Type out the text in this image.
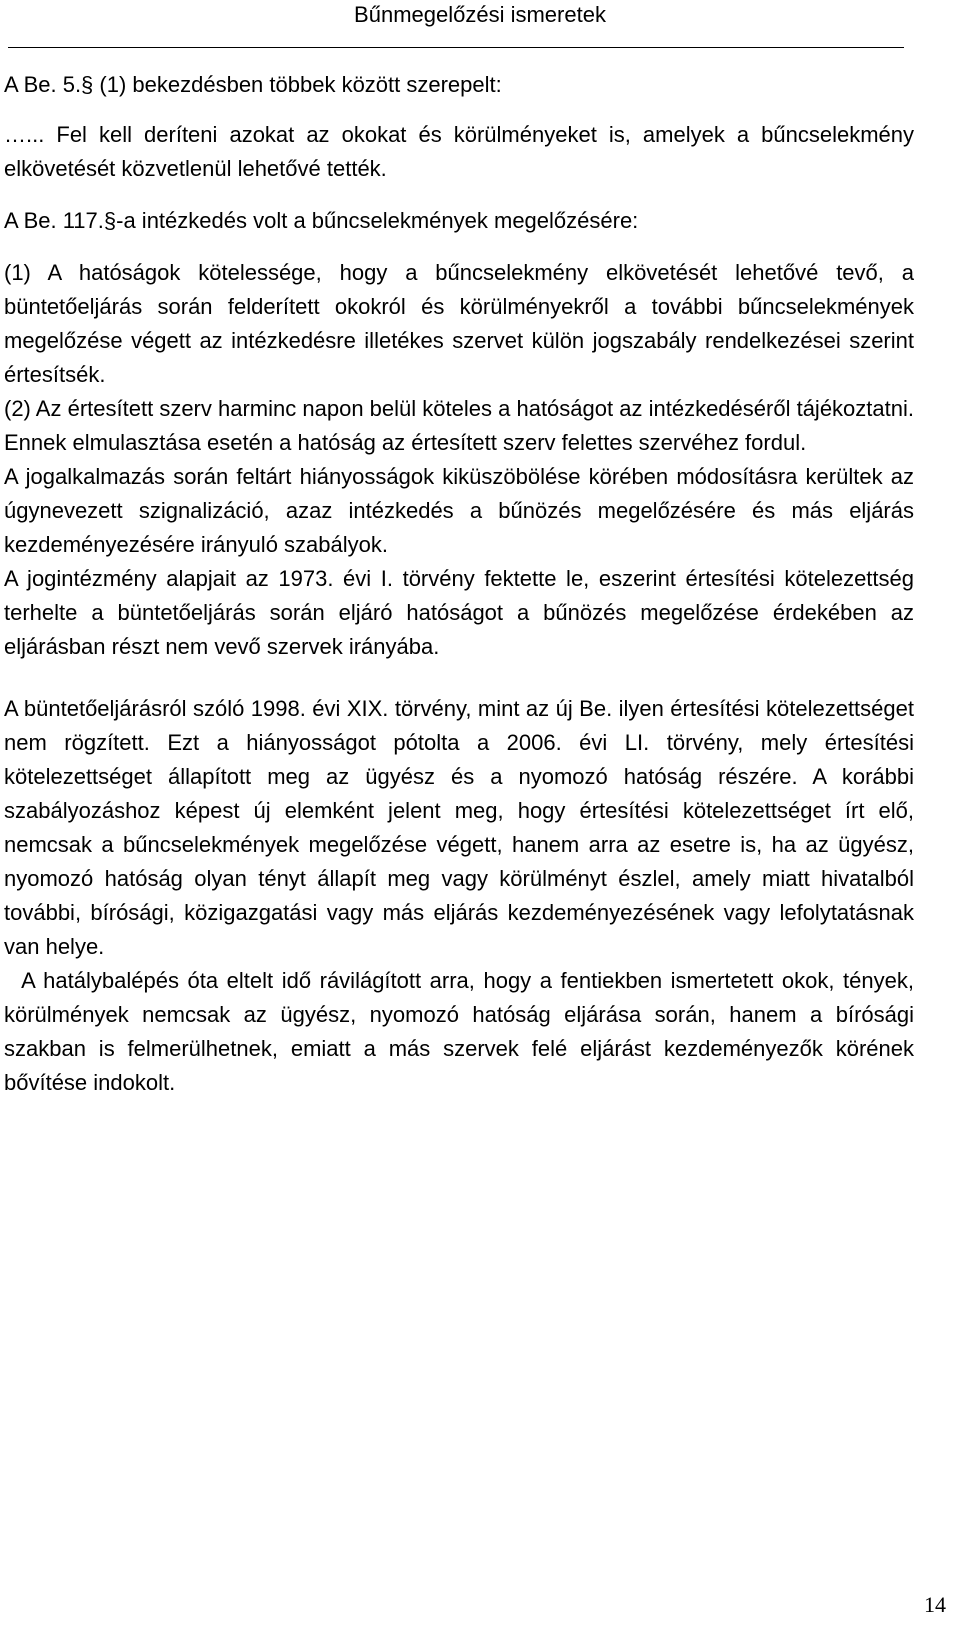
Bűnmegelőzési ismeretek

A Be. 5.§ (1) bekezdésben többek között szerepelt:

…... Fel kell deríteni azokat az okokat és körülményeket is, amelyek a bűncselekmény elkövetését közvetlenül lehetővé tették.

A Be. 117.§-a intézkedés volt a bűncselekmények megelőzésére:

(1) A hatóságok kötelessége, hogy a bűncselekmény elkövetését lehetővé tevő, a büntetőeljárás során felderített okokról és körülményekről a további bűncselekmények megelőzése végett az intézkedésre illetékes szervet külön jogszabály rendelkezései szerint értesítsék.

(2) Az értesített szerv harminc napon belül köteles a hatóságot az intézkedéséről tájékoztatni. Ennek elmulasztása esetén a hatóság az értesített szerv felettes szervéhez fordul.

A jogalkalmazás során feltárt hiányosságok kiküszöbölése körében módosításra kerültek az úgynevezett szignalizáció, azaz intézkedés a bűnözés megelőzésére és más eljárás kezdeményezésére irányuló szabályok.

A jogintézmény alapjait az 1973. évi I. törvény fektette le, eszerint értesítési kötelezettség terhelte a büntetőeljárás során eljáró hatóságot a bűnözés megelőzése érdekében az eljárásban részt nem vevő szervek irányába.

A büntetőeljárásról szóló 1998. évi XIX. törvény, mint az új Be. ilyen értesítési kötelezettséget nem rögzített. Ezt a hiányosságot pótolta a 2006. évi LI. törvény, mely értesítési kötelezettséget állapított meg az ügyész és a nyomozó hatóság részére. A korábbi szabályozáshoz képest új elemként jelent meg, hogy értesítési kötelezettséget írt elő, nemcsak a bűncselekmények megelőzése végett, hanem arra az esetre is, ha az ügyész, nyomozó hatóság olyan tényt állapít meg vagy körülményt észlel, amely miatt hivatalból további, bírósági, közigazgatási vagy más eljárás kezdeményezésének vagy lefolytatásnak van helye.

A hatálybalépés óta eltelt idő rávilágított arra, hogy a fentiekben ismertetett okok, tények,  körülmények nemcsak az ügyész, nyomozó hatóság eljárása során, hanem a bírósági szakban is felmerülhetnek, emiatt a más szervek felé eljárást kezdeményezők körének bővítése indokolt.

14
